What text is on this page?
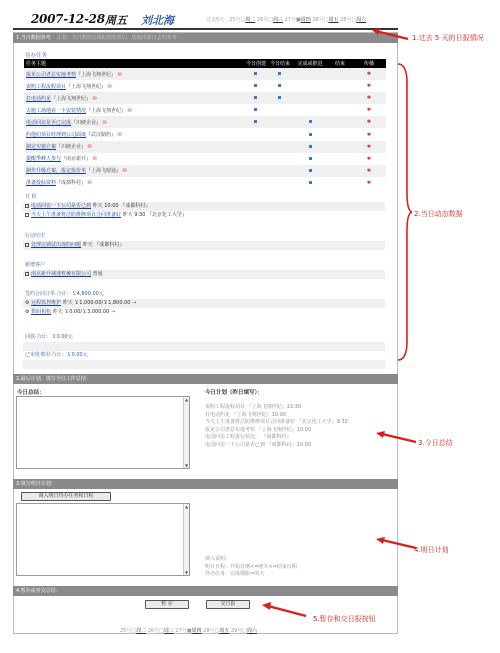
2007-12-28 周五 刘北海	过去5天：25号□周二 26号□周三 27号■周四 28号□周五 28号□周六
1.当日数据参考 注意：当日数据会根据端变更后，您使用新日志的参考
待办任务
任务主题	今日创建	今日结束	完成或推进	结束	传播
报见公司老总实地考察『上海飞翔世纪』 ✉					✱
说明工程流程项目『上海飞翔世纪』 ✉					✱
打电话约见『上海飞翔世纪』 ✉					✱
去施工场地看一下安装情况『上海飞翔世纪』 ✉					✱
电话回访是否已完成『川硬企业』 ✉					✱
约他们项目经理到公司面谈『武汉制药』 ✉					✱
制定实施方案『川硬企业』 ✉					✱
提醒季峰人参与『南京新升』 ✉					✱
制作升级方案，报定报价单『上海飞鼎通』 ✉					✱
准备投标资料『成都科村』 ✉					✱
日 程
电话回访一下公司是否已到 昨天 10:00 『成都科村』
今天上午准备将洁防维修项目合同准备好 昨天 9:30 『北京化工大学』
行动历史
处理完调试出现的问题 昨天 『成都科村』
新增客户
南京新升减速机械有限公司 普通
签约合同订单·合计：￥4,800.00元
⚙ 远程监控维护 昨天 ￥1,000.00/￥1,800.00 →
⚙ 数码相机 昨天 ￥0.00/￥3,000.00 →
回款·合计：￥0.00元
已审批费用·合计：￥0.00元
2.最后计划，填写今日工作总结：
今日总结：
▲
▼
今日计划（昨日填写）：
说明工程流程项目 『上海飞翔世纪』13:30
打电话约见 『上海飞翔世纪』10:00
今天上午准备将洁防维修项目合同准备好 『北京化工大学』9:30
报见公司老总实地考察 『上海飞翔世纪』10:00
电话回访工程进行状况。 『成都科村』
电话回访一下公司是否已到 『成都科村』10:00
3.填写明日计划：
调入明日待办任务和日程
▲
▼
调入说明：
明日日程：开始日期<=明天<=结束日期
待办任务：完成期限=明天
4.暂存或者交总结：
暂 存	交日报
25号□周二 26号□周三 27号■周四 28号□周五 29号□周六
1.过去 5 天的日报情况
2.当日动态数据
3.今日总结
4.明日计划
5.暂存和交日报按钮
